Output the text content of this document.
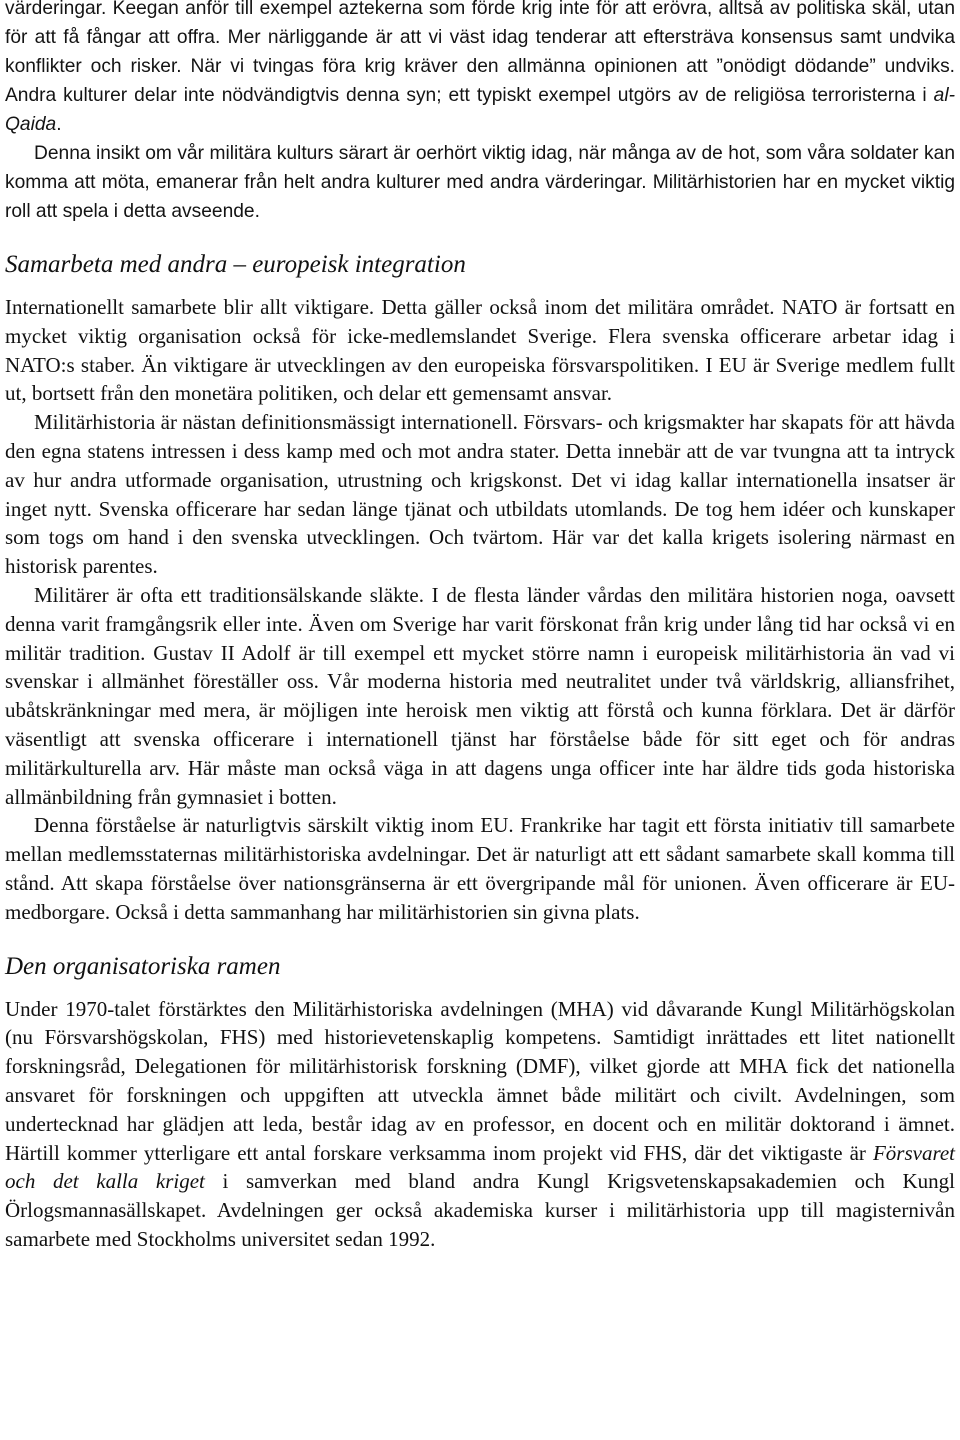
värderingar. Keegan anför till exempel aztekerna som förde krig inte för att erövra, alltså av politiska skäl, utan för att få fångar att offra. Mer närliggande är att vi väst idag tenderar att eftersträva konsensus samt undvika konflikter och risker. När vi tvingas föra krig kräver den allmänna opinionen att ”onödigt dödande” undviks. Andra kulturer delar inte nödvändigtvis denna syn; ett typiskt exempel utgörs av de religiösa terroristerna i al-Qaida.

Denna insikt om vår militära kulturs särart är oerhört viktig idag, när många av de hot, som våra soldater kan komma att möta, emanerar från helt andra kulturer med andra värderingar. Militärhistorien har en mycket viktig roll att spela i detta avseende.

Samarbeta med andra – europeisk integration

Internationellt samarbete blir allt viktigare. Detta gäller också inom det militära området. NATO är fortsatt en mycket viktig organisation också för icke-medlemslandet Sverige. Flera svenska officerare arbetar idag i NATO:s staber. Än viktigare är utvecklingen av den europeiska försvarspolitiken. I EU är Sverige medlem fullt ut, bortsett från den monetära politiken, och delar ett gemensamt ansvar.

Militärhistoria är nästan definitionsmässigt internationell. Försvars- och krigsmakter har skapats för att hävda den egna statens intressen i dess kamp med och mot andra stater. Detta innebär att de var tvungna att ta intryck av hur andra utformade organisation, utrustning och krigskonst. Det vi idag kallar internationella insatser är inget nytt. Svenska officerare har sedan länge tjänat och utbildats utomlands. De tog hem idéer och kunskaper som togs om hand i den svenska utvecklingen. Och tvärtom. Här var det kalla krigets isolering närmast en historisk parentes.

Militärer är ofta ett traditionsälskande släkte. I de flesta länder vårdas den militära historien noga, oavsett denna varit framgångsrik eller inte. Även om Sverige har varit förskonat från krig under lång tid har också vi en militär tradition. Gustav II Adolf är till exempel ett mycket större namn i europeisk militärhistoria än vad vi svenskar i allmänhet föreställer oss. Vår moderna historia med neutralitet under två världskrig, alliansfrihet, ubåtskränkningar med mera, är möjligen inte heroisk men viktig att förstå och kunna förklara. Det är därför väsentligt att svenska officerare i internationell tjänst har förståelse både för sitt eget och för andras militärkulturella arv. Här måste man också väga in att dagens unga officer inte har äldre tids goda historiska allmänbildning från gymnasiet i botten.

Denna förståelse är naturligtvis särskilt viktig inom EU. Frankrike har tagit ett första initiativ till samarbete mellan medlemsstaternas militärhistoriska avdelningar. Det är naturligt att ett sådant samarbete skall komma till stånd. Att skapa förståelse över nationsgränserna är ett övergripande mål för unionen. Även officerare är EU-medborgare. Också i detta sammanhang har militärhistorien sin givna plats.

Den organisatoriska ramen

Under 1970-talet förstärktes den Militärhistoriska avdelningen (MHA) vid dåvarande Kungl Militärhögskolan (nu Försvarshögskolan, FHS) med historievetenskaplig kompetens. Samtidigt inrättades ett litet nationellt forskningsråd, Delegationen för militärhistorisk forskning (DMF), vilket gjorde att MHA fick det nationella ansvaret för forskningen och uppgiften att utveckla ämnet både militärt och civilt. Avdelningen, som undertecknad har glädjen att leda, består idag av en professor, en docent och en militär doktorand i ämnet. Härtill kommer ytterligare ett antal forskare verksamma inom projekt vid FHS, där det viktigaste är Försvaret och det kalla kriget i samverkan med bland andra Kungl Krigsvetenskapsakademien och Kungl Örlogsmannasällskapet. Avdelningen ger också akademiska kurser i militärhistoria upp till magisternivån samarbete med Stockholms universitet sedan 1992.
